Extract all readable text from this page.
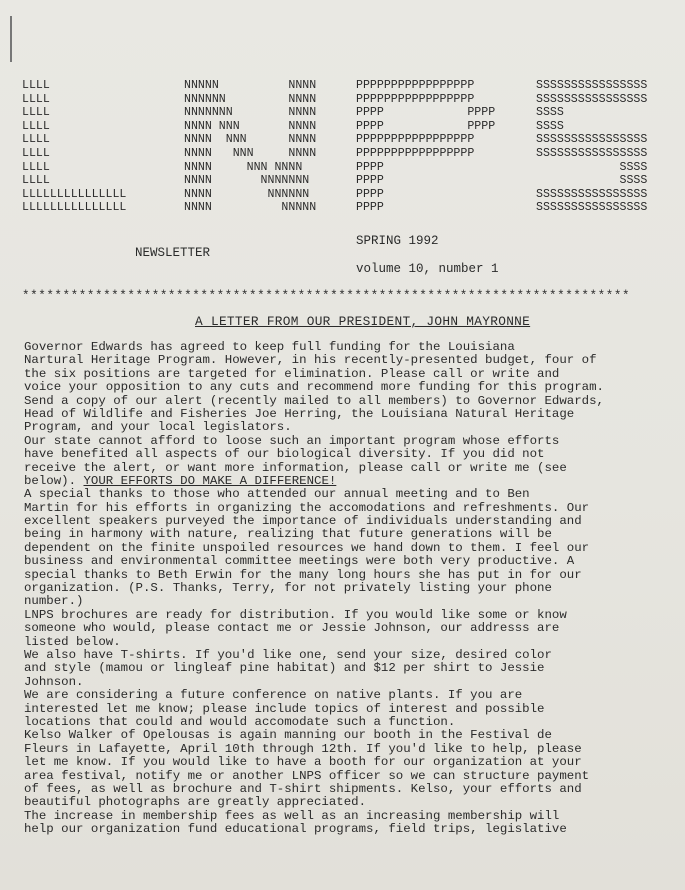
LLLL
LLLL
LLLL
LLLL
LLLL
LLLL
LLLL
LLLL
LLLLLLLLLLLLLLL
LLLLLLLLLLLLLLL
NNNNN          NNNN
NNNNNN         NNNN
NNNNNNN        NNNN
NNNN NNN       NNNN
NNNN  NNN      NNNN
NNNN   NNN     NNNN
NNNN     NNN NNNN
NNNN       NNNNNNN
NNNN        NNNNNN
NNNN          NNNNN
PPPPPPPPPPPPPPPPP
PPPPPPPPPPPPPPPPP
PPPP            PPPP
PPPP            PPPP
PPPPPPPPPPPPPPPPP
PPPPPPPPPPPPPPPPP
PPPP
PPPP
PPPP
PPPP
SSSSSSSSSSSSSSSS
SSSSSSSSSSSSSSSS
SSSS
SSSS
SSSSSSSSSSSSSSSS
SSSSSSSSSSSSSSSS
SSSS
SSSS
SSSSSSSSSSSSSSSS
SSSSSSSSSSSSSSSS
SPRING 1992
NEWSLETTER
volume 10, number 1
***************************************************************************
A LETTER FROM OUR PRESIDENT, JOHN MAYRONNE
Governor Edwards has agreed to keep full funding for the Louisiana
Nartural Heritage Program. However, in his recently-presented budget, four of
the six positions are targeted for elimination. Please call or write and
voice your opposition to any cuts and recommend more funding for this program.
Send a copy of our alert (recently mailed to all members) to Governor Edwards,
Head of Wildlife and Fisheries Joe Herring, the Louisiana Natural Heritage
Program, and your local legislators.
Our state cannot afford to loose such an important program whose efforts
have benefited all aspects of our biological diversity. If you did not
receive the alert, or want more information, please call or write me (see
below). YOUR EFFORTS DO MAKE A DIFFERENCE!
A special thanks to those who attended our annual meeting and to Ben
Martin for his efforts in organizing the accomodations and refreshments. Our
excellent speakers purveyed the importance of individuals understanding and
being in harmony with nature, realizing that future generations will be
dependent on the finite unspoiled resources we hand down to them. I feel our
business and environmental committee meetings were both very productive. A
special thanks to Beth Erwin for the many long hours she has put in for our
organization. (P.S. Thanks, Terry, for not privately listing your phone
number.)
LNPS brochures are ready for distribution. If you would like some or know
someone who would, please contact me or Jessie Johnson, our addresss are
listed below.
We also have T-shirts. If you'd like one, send your size, desired color
and style (mamou or lingleaf pine habitat) and $12 per shirt to Jessie
Johnson.
We are considering a future conference on native plants. If you are
interested let me know; please include topics of interest and possible
locations that could and would accomodate such a function.
Kelso Walker of Opelousas is again manning our booth in the Festival de
Fleurs in Lafayette, April 10th through 12th. If you'd like to help, please
let me know. If you would like to have a booth for our organization at your
area festival, notify me or another LNPS officer so we can structure payment
of fees, as well as brochure and T-shirt shipments. Kelso, your efforts and
beautiful photographs are greatly appreciated.
The increase in membership fees as well as an increasing membership will
help our organization fund educational programs, field trips, legislative
